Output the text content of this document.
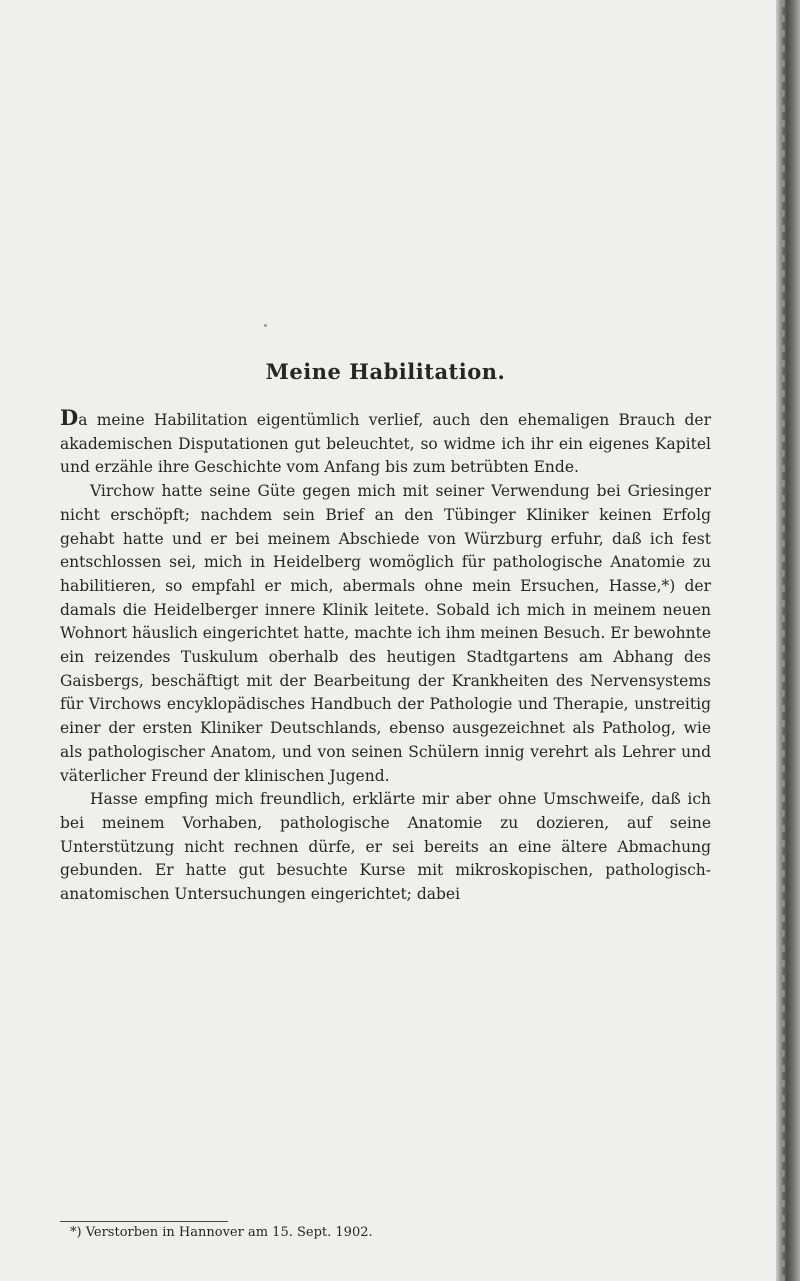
Meine Habilitation.

Da meine Habilitation eigentümlich verlief, auch den ehemaligen Brauch der akademischen Disputationen gut beleuchtet, so widme ich ihr ein eigenes Kapitel und erzähle ihre Geschichte vom Anfang bis zum betrübten Ende.

Virchow hatte seine Güte gegen mich mit seiner Verwendung bei Griesinger nicht erschöpft; nachdem sein Brief an den Tübinger Kliniker keinen Erfolg gehabt hatte und er bei meinem Abschiede von Würzburg erfuhr, daß ich fest entschlossen sei, mich in Heidelberg womöglich für pathologische Anatomie zu habilitieren, so empfahl er mich, abermals ohne mein Ersuchen, Hasse,*) der damals die Heidelberger innere Klinik leitete. Sobald ich mich in meinem neuen Wohnort häuslich eingerichtet hatte, machte ich ihm meinen Besuch. Er bewohnte ein reizendes Tuskulum oberhalb des heutigen Stadtgartens am Abhang des Gaisbergs, beschäftigt mit der Bearbeitung der Krankheiten des Nervensystems für Virchows encyklopädisches Handbuch der Pathologie und Therapie, unstreitig einer der ersten Kliniker Deutschlands, ebenso ausgezeichnet als Patholog, wie als pathologischer Anatom, und von seinen Schülern innig verehrt als Lehrer und väterlicher Freund der klinischen Jugend.

Hasse empfing mich freundlich, erklärte mir aber ohne Umschweife, daß ich bei meinem Vorhaben, pathologische Anatomie zu dozieren, auf seine Unterstützung nicht rechnen dürfe, er sei bereits an eine ältere Abmachung gebunden. Er hatte gut besuchte Kurse mit mikroskopischen, pathologisch-anatomischen Untersuchungen eingerichtet; dabei

*) Verstorben in Hannover am 15. Sept. 1902.
